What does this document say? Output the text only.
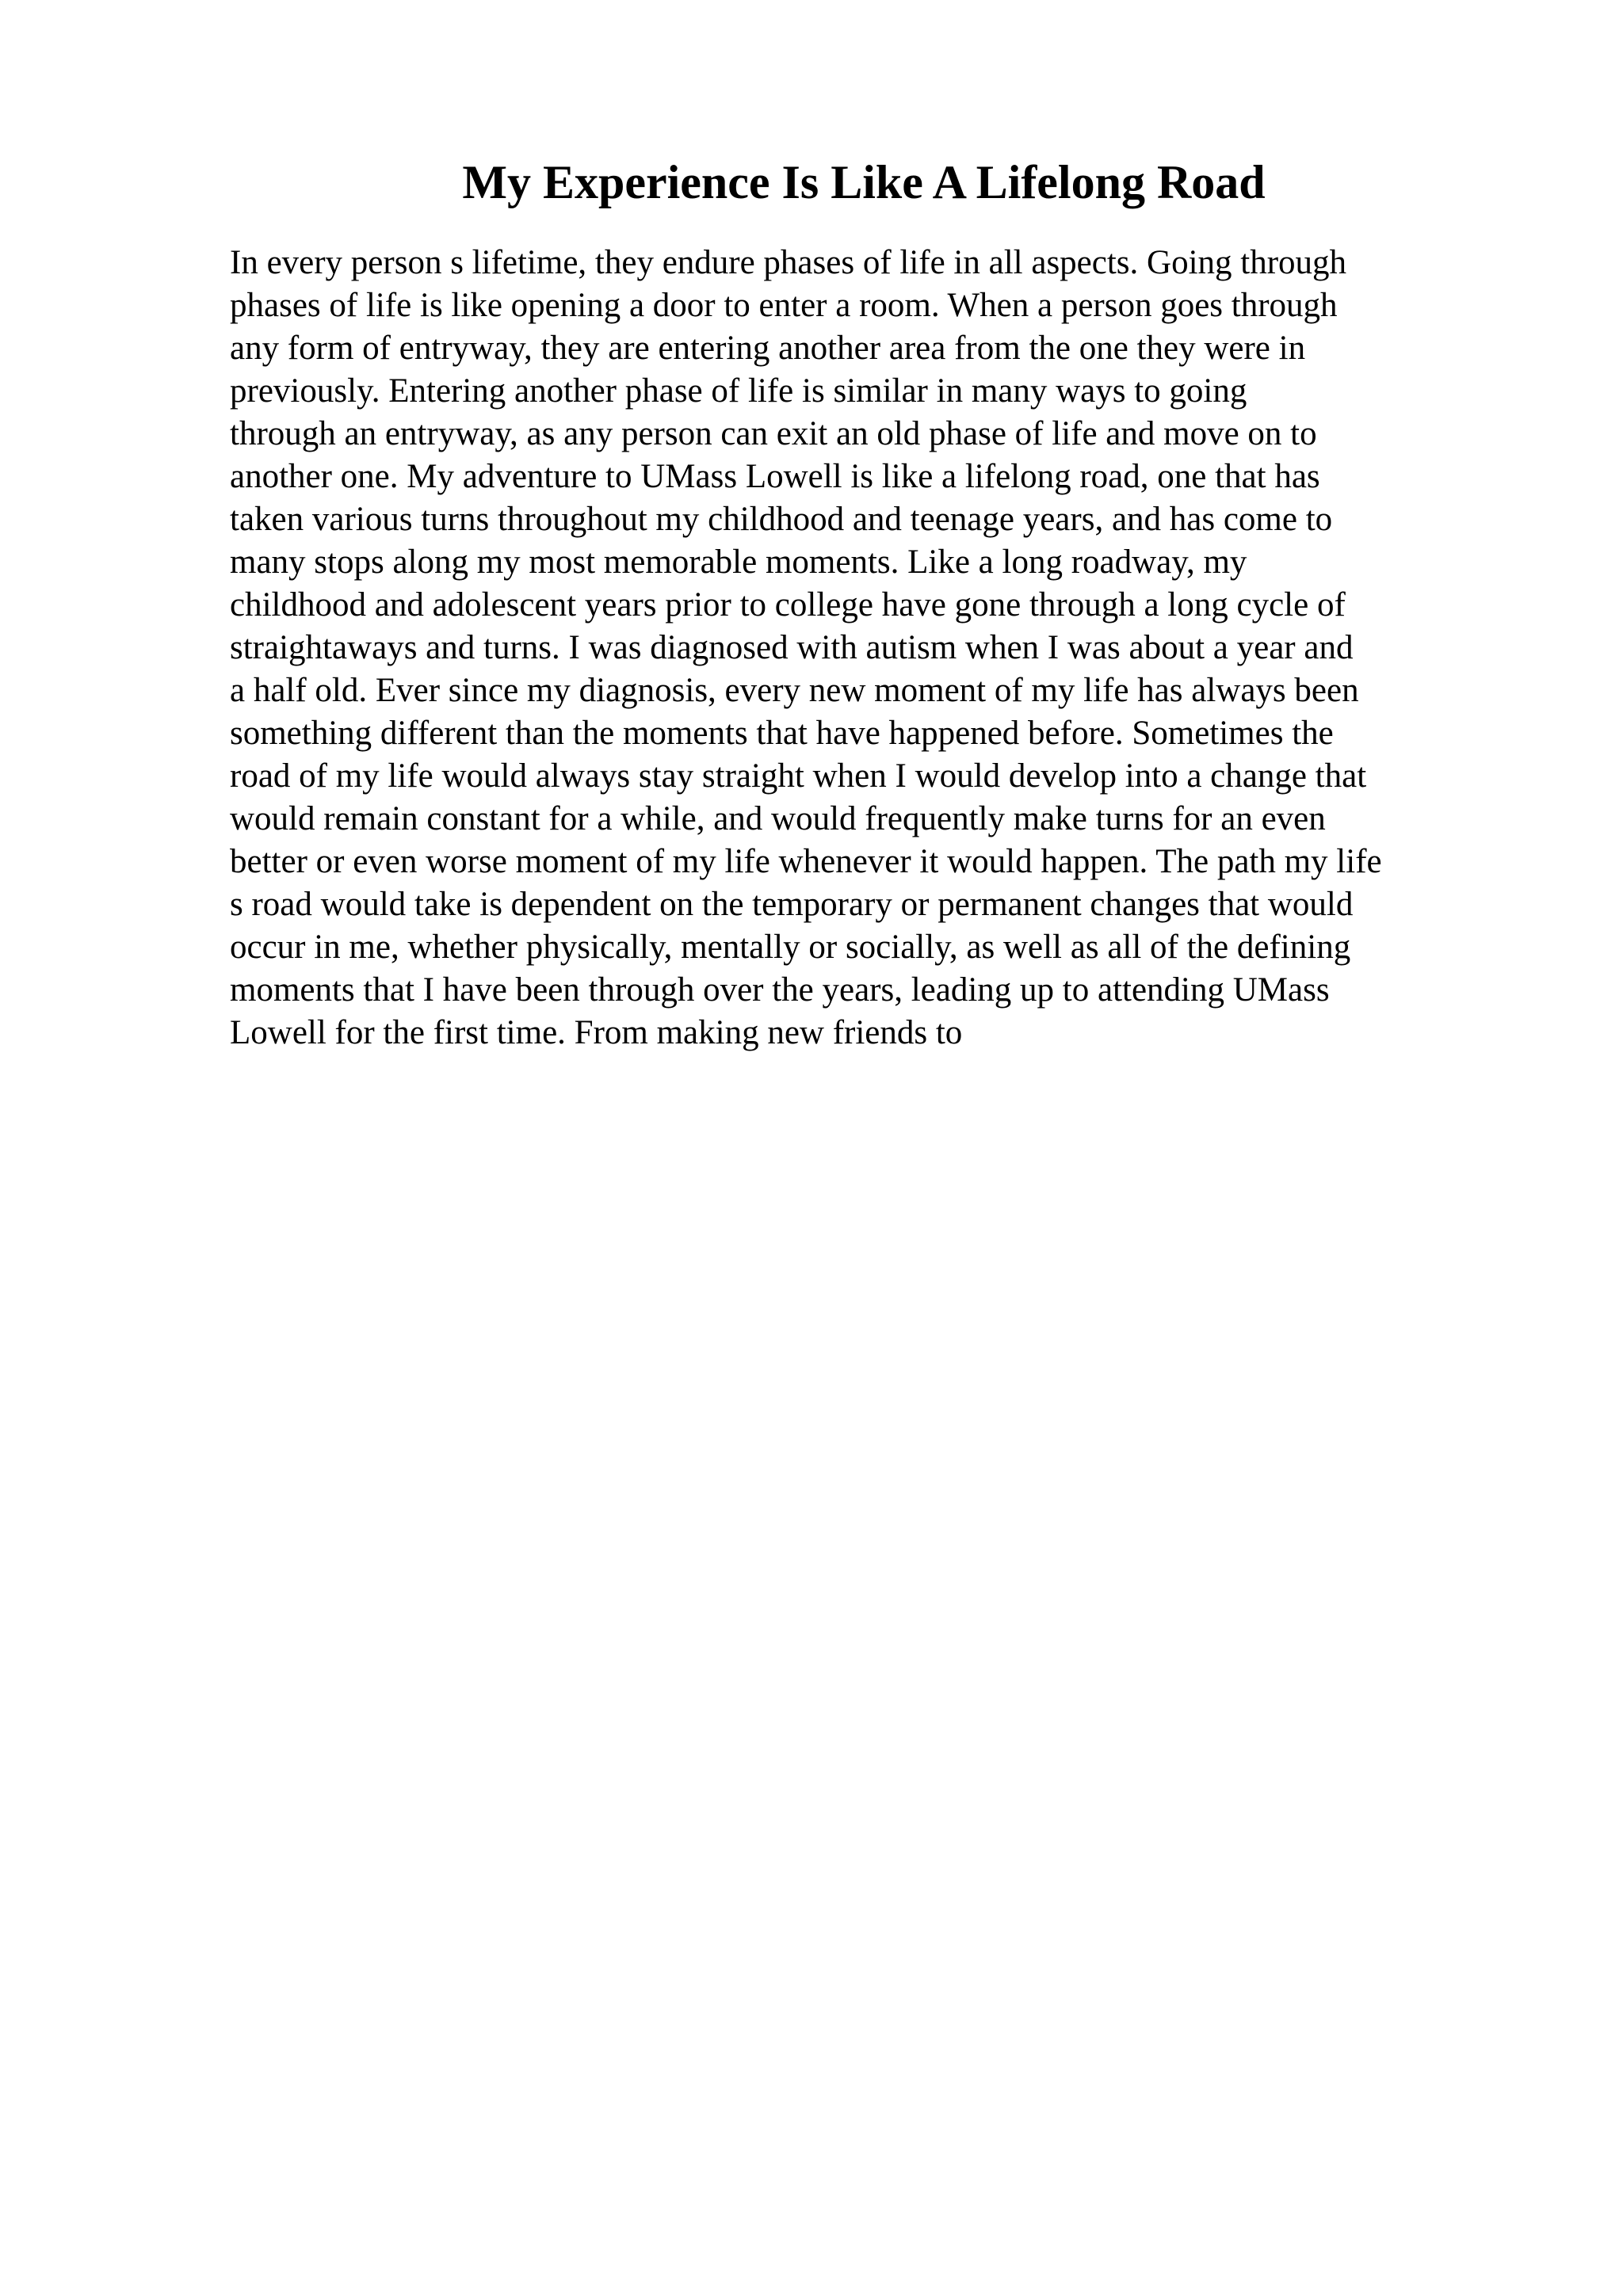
My Experience Is Like A Lifelong Road
In every person s lifetime, they endure phases of life in all aspects. Going through
phases of life is like opening a door to enter a room. When a person goes through
any form of entryway, they are entering another area from the one they were in
previously. Entering another phase of life is similar in many ways to going
through an entryway, as any person can exit an old phase of life and move on to
another one. My adventure to UMass Lowell is like a lifelong road, one that has
taken various turns throughout my childhood and teenage years, and has come to
many stops along my most memorable moments. Like a long roadway, my
childhood and adolescent years prior to college have gone through a long cycle of
straightaways and turns. I was diagnosed with autism when I was about a year and
a half old. Ever since my diagnosis, every new moment of my life has always been
something different than the moments that have happened before. Sometimes the
road of my life would always stay straight when I would develop into a change that
would remain constant for a while, and would frequently make turns for an even
better or even worse moment of my life whenever it would happen. The path my life
s road would take is dependent on the temporary or permanent changes that would
occur in me, whether physically, mentally or socially, as well as all of the defining
moments that I have been through over the years, leading up to attending UMass
Lowell for the first time. From making new friends to
